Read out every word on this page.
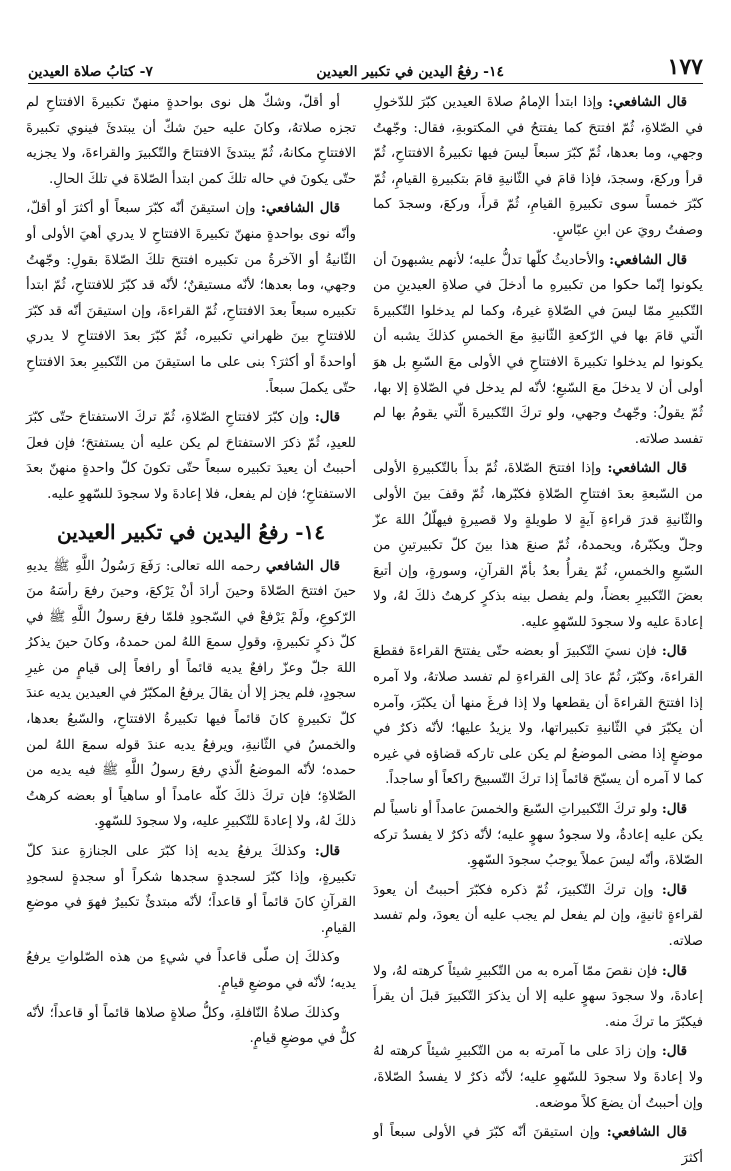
١٧٧
١٤- رفعُ اليدين في تكبير العيدين
٧- كتابُ صلاة العيدين

قال الشافعي: وإذا ابتدأ الإمامُ صلاةَ العيدين كبّرَ للدّخولِ في الصّلاةِ، ثُمّ افتتحَ كما يفتتحُ في المكتوبةِ، فقال: وجّهتُ وجهي، وما بعدها، ثُمّ كبّرَ سبعاً ليسَ فيها تكبيرةُ الافتتاحِ، ثُمّ قرأ وركعَ، وسجدَ، فإذا قامَ في الثّانيةِ قامَ بتكبيرةِ القيامِ، ثُمّ كبّرَ خمساً سوى تكبيرةِ القيامِ، ثُمّ قرأَ، وركعَ، وسجدَ كما وصفتُ رويَ عن ابنِ عبّاسٍ.

قال الشافعي: والأحاديثُ كلّها تدلُّ عليه؛ لأنهم يشبهونَ أن يكونوا إنّما حكوا من تكبيرهِ ما أدخلَ في صلاةِ العيدينِ من التّكبيرِ ممّا ليسَ في الصّلاةِ غيرهُ، وكما لم يدخلوا التّكبيرةَ الّتي قامَ بها في الرّكعةِ الثّانيةِ معَ الخمسِ كذلكَ يشبه أن يكونوا لم يدخلوا تكبيرةَ الافتتاحِ في الأولى معَ السّبعِ بل هوَ أولى أن لا يدخلَ معَ السّبعِ؛ لأنّه لم يدخل في الصّلاةِ إلا بها، ثُمّ يقولُ: وجّهتُ وجهي، ولو تركَ التّكبيرةَ الّتي يقومُ بها لم تفسد صلاته.

قال الشافعي: وإذا افتتحَ الصّلاةَ، ثُمّ بدأَ بالتّكبيرةِ الأولى من السّبعةِ بعدَ افتتاحِ الصّلاةِ فكبّرها، ثُمّ وقفَ بينَ الأولى والثّانيةِ قدرَ قراءةِ آيةٍ لا طويلةٍ ولا قصيرةٍ فيهلّلُ اللهَ عزّ وجلّ ويكبّرهُ، ويحمدهُ، ثُمّ صنعَ هذا بينَ كلّ تكبيرتينِ من السّبعِ والخمسِ، ثُمّ يقرأُ بعدُ بأمّ القرآنِ، وسورةٍ، وإن أتبعَ بعضَ التّكبيرِ بعضاً، ولم يفصل بينه بذكرٍ كرهتُ ذلكَ لهُ، ولا إعادةَ عليه ولا سجودَ للسّهوِ عليه.

قال: فإن نسيَ التّكبيرَ أو بعضه حتّى يفتتحَ القراءةَ فقطعَ القراءةَ، وكبّرَ، ثُمّ عادَ إلى القراءةِ لم تفسد صلاتهُ، ولا آمره إذا افتتحَ القراءةَ أن يقطعها ولا إذا فرغَ منها أن يكبّرَ، وآمره أن يكبّرَ في الثّانيةِ تكبيراتها، ولا يزيدُ عليها؛ لأنّه ذكرٌ في موضعٍ إذا مضى الموضعُ لم يكن على تاركه قضاؤه في غيره كما لا آمره أن يسبّحَ قائماً إذا تركَ التّسبيحَ راكعاً أو ساجداً.

قال: ولو تركَ التّكبيراتِ السّبعَ والخمسَ عامداً أو ناسياً لم يكن عليه إعادةٌ، ولا سجودُ سهوٍ عليه؛ لأنّه ذكرٌ لا يفسدُ تركه الصّلاةَ، وأنّه ليسَ عملاً يوجبُ سجودَ السّهوِ.

قال: وإن تركَ التّكبيرَ، ثُمّ ذكره فكبّرَ أحببتُ أن يعودَ لقراءةٍ ثانيةٍ، وإن لم يفعل لم يجب عليه أن يعودَ، ولم تفسد صلاته.

قال: فإن نقصَ ممّا آمره به من التّكبيرِ شيئاً كرهته لهُ، ولا إعادةَ، ولا سجودَ سهوٍ عليه إلا أن يذكرَ التّكبيرَ قبلَ أن يقرأَ فيكبّرَ ما تركَ منه.

قال: وإن زادَ على ما آمرته به من التّكبيرِ شيئاً كرهته لهُ ولا إعادةَ ولا سجودَ للسّهوِ عليه؛ لأنّه ذكرٌ لا يفسدُ الصّلاةَ، وإن أحببتُ أن يضعَ كلاً موضعه.

قال الشافعي: وإن استيقنَ أنّه كبّرَ في الأولى سبعاً أو أكثرَ

أو أقلّ، وشكّ هل نوى بواحدةٍ منهنّ تكبيرةَ الافتتاحِ لم تجزه صلاتهُ، وكانَ عليه حينَ شكّ أن يبتدئَ فينوي تكبيرةَ الافتتاحِ مكانهُ، ثُمّ يبتدئَ الافتتاحَ والتّكبيرَ والقراءةَ، ولا يجزيه حتّى يكونَ في حاله تلكَ كمن ابتدأ الصّلاةَ في تلكَ الحالِ.

قال الشافعي: وإن استيقنَ أنّه كبّرَ سبعاً أو أكثرَ أو أقلّ، وأنّه نوى بواحدةٍ منهنّ تكبيرةَ الافتتاحِ لا يدري أهيَ الأولى أو الثّانيةُ أو الآخرةُ من تكبيره افتتحَ تلكَ الصّلاةَ بقولِ: وجّهتُ وجهي، وما بعدها؛ لأنّه مستيقنٌ؛ لأنّه قد كبّرَ للافتتاحِ، ثُمّ ابتدأ تكبيره سبعاً بعدَ الافتتاحِ، ثُمّ القراءةَ، وإن استيقنَ أنّه قد كبّرَ للافتتاحِ بينَ ظهراني تكبيره، ثُمّ كبّرَ بعدَ الافتتاحِ لا يدري أواحدةً أو أكثرَ؟ بنى على ما استيقنَ من التّكبيرِ بعدَ الافتتاحِ حتّى يكملَ سبعاً.

قال: وإن كبّرَ لافتتاحِ الصّلاةِ، ثُمّ تركَ الاستفتاحَ حتّى كبّرَ للعيدِ، ثُمّ ذكرَ الاستفتاحَ لم يكن عليه أن يستفتحَ؛ فإن فعلَ أحببتُ أن يعيدَ تكبيره سبعاً حتّى تكونَ كلّ واحدةٍ منهنّ بعدَ الاستفتاحِ؛ فإن لم يفعل، فلا إعادةَ ولا سجودَ للسّهوِ عليه.

١٤- رفعُ اليدين في تكبير العيدين

قال الشافعي رحمه الله تعالى: رَفَعَ رَسُولُ اللَّهِ ﷺ يديهِ حينَ افتتحَ الصّلاةَ وحينَ أرادَ أنْ يَرْكعَ، وحينَ رفعَ رأسَهُ منَ الرّكوعِ، ولَمْ يَرْفعْ في السّجودِ فلمّا رفعَ رسولُ اللَّهِ ﷺ في كلّ ذكرٍ تكبيرةٍ، وقولِ سمعَ اللهُ لمن حمدهُ، وكانَ حينَ يذكرُ اللهَ جلّ وعزّ رافعٌ يديه قائماً أو رافعاً إلى قيامٍ من غيرِ سجودٍ، فلم يجز إلا أن يقالَ يرفعُ المكبّرُ في العيدين يديه عندَ كلّ تكبيرةٍ كانَ قائماً فيها تكبيرةُ الافتتاحِ، والسّبعُ بعدها، والخمسُ في الثّانيةِ، ويرفعُ يديه عندَ قوله سمعَ اللهُ لمن حمده؛ لأنّه الموضعُ الّذي رفعَ رسولُ اللَّهِ ﷺ فيه يديه من الصّلاةِ؛ فإن تركَ ذلكَ كلّه عامداً أو ساهياً أو بعضه كرهتُ ذلكَ لهُ، ولا إعادةَ للتّكبيرِ عليه، ولا سجودَ للسّهوِ.

قال: وكذلكَ يرفعُ يديه إذا كبّرَ على الجنازةِ عندَ كلّ تكبيرةٍ، وإذا كبّرَ لسجدةٍ سجدها شكراً أو سجدةٍ لسجودِ القرآنِ كانَ قائماً أو قاعداً؛ لأنّه مبتدئٌ تكبيرٌ فهوَ في موضعِ القيامِ.

وكذلكَ إن صلّى قاعداً في شيءٍ من هذه الصّلواتِ يرفعُ يديه؛ لأنّه في موضعِ قيامٍ.

وكذلكَ صلاةُ النّافلةِ، وكلُّ صلاةٍ صلاها قائماً أو قاعداً؛ لأنّه كلٌّ في موضعِ قيامٍ.
